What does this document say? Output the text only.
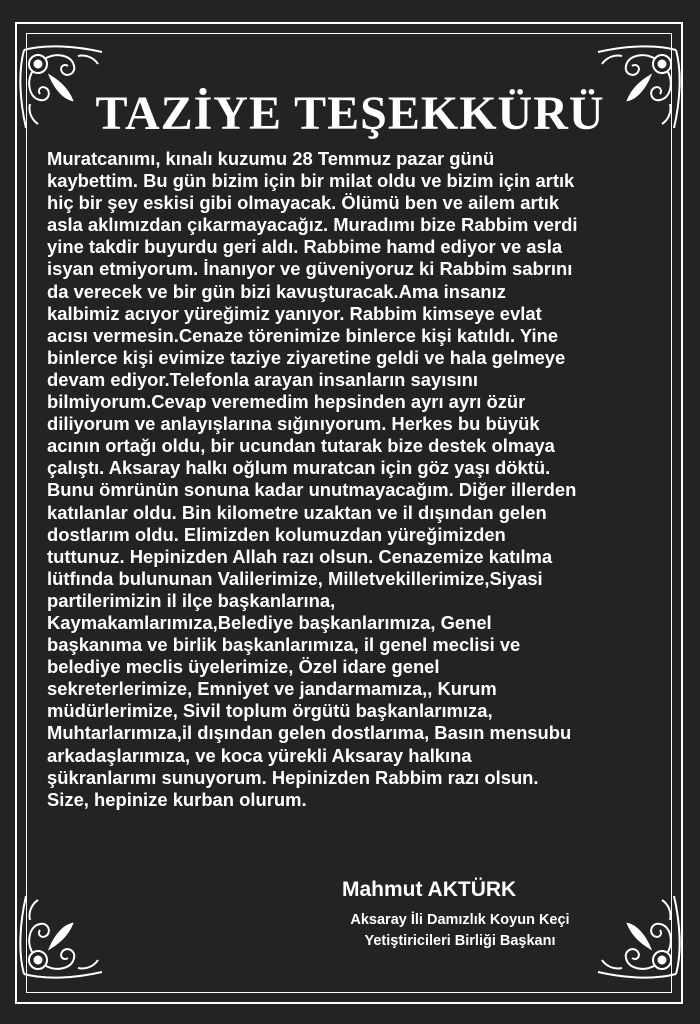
TAZİYE TEŞEKKÜRÜ

Muratcanımı, kınalı kuzumu 28 Temmuz pazar günü
kaybettim. Bu gün bizim için bir milat oldu ve bizim için artık
hiç bir şey eskisi gibi olmayacak. Ölümü ben ve ailem artık
asla aklımızdan çıkarmayacağız. Muradımı bize Rabbim verdi
yine takdir buyurdu geri aldı. Rabbime hamd ediyor ve asla
isyan etmiyorum. İnanıyor ve güveniyoruz ki Rabbim sabrını
da verecek ve bir gün bizi kavuşturacak.Ama insanız
kalbimiz acıyor yüreğimiz yanıyor. Rabbim kimseye evlat
acısı vermesin.Cenaze törenimize binlerce kişi katıldı. Yine
binlerce kişi evimize taziye ziyaretine geldi ve hala gelmeye
devam ediyor.Telefonla arayan insanların sayısını
bilmiyorum.Cevap veremedim hepsinden ayrı ayrı özür
diliyorum ve anlayışlarına sığınıyorum. Herkes bu büyük
acının ortağı oldu, bir ucundan tutarak bize destek olmaya
çalıştı. Aksaray halkı oğlum muratcan için göz yaşı döktü.
Bunu ömrünün sonuna kadar unutmayacağım. Diğer illerden
katılanlar oldu. Bin kilometre uzaktan ve il dışından gelen
dostlarım oldu. Elimizden kolumuzdan yüreğimizden
tuttunuz. Hepinizden Allah razı olsun. Cenazemize katılma
lütfında bulununan Valilerimize, Milletvekillerimize,Siyasi
partilerimizin il ilçe başkanlarına,
Kaymakamlarımıza,Belediye başkanlarımıza, Genel
başkanıma ve birlik başkanlarımıza, il genel meclisi ve
belediye meclis üyelerimize, Özel idare genel
sekreterlerimize, Emniyet ve jandarmamıza,, Kurum
müdürlerimize, Sivil toplum örgütü başkanlarımıza,
Muhtarlarımıza,il dışından gelen dostlarıma, Basın mensubu
arkadaşlarımıza, ve koca yürekli Aksaray halkına
şükranlarımı sunuyorum. Hepinizden Rabbim razı olsun.
Size, hepinize kurban olurum.

Mahmut AKTÜRK

Aksaray İli Damızlık Koyun Keçi
Yetiştiricileri Birliği Başkanı
